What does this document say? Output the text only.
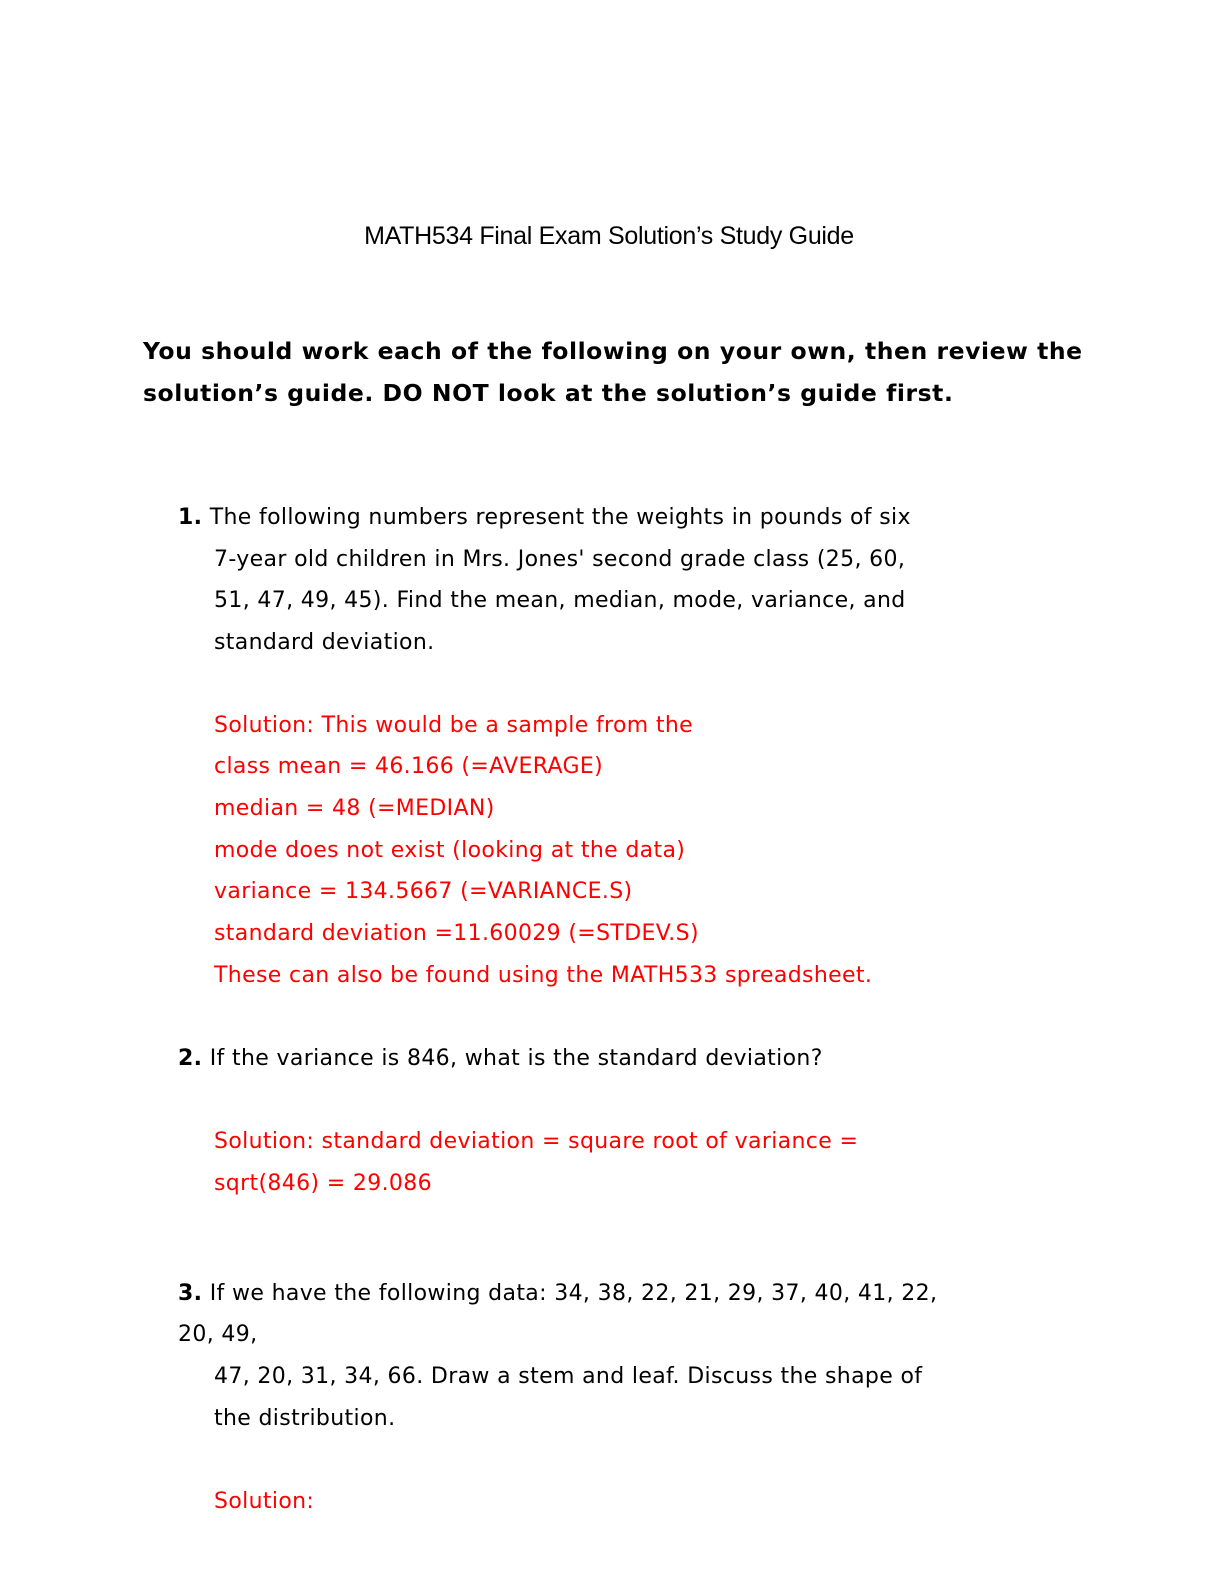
MATH534 Final Exam Solution’s Study Guide
You should work each of the following on your own, then review the solution’s guide. DO NOT look at the solution’s guide first.
1. The following numbers represent the weights in pounds of six
7-year old children in Mrs. Jones' second grade class (25, 60,
51, 47, 49, 45). Find the mean, median, mode, variance, and
standard deviation.
Solution: This would be a sample from the
class mean = 46.166 (=AVERAGE)
median = 48 (=MEDIAN)
mode does not exist (looking at the data)
variance = 134.5667 (=VARIANCE.S)
standard deviation =11.60029 (=STDEV.S)
These can also be found using the MATH533 spreadsheet.
2. If the variance is 846, what is the standard deviation?
Solution: standard deviation = square root of variance =
sqrt(846) = 29.086
3. If we have the following data: 34, 38, 22, 21, 29, 37, 40, 41, 22,
20, 49,
47, 20, 31, 34, 66. Draw a stem and leaf. Discuss the shape of
the distribution.
Solution:
